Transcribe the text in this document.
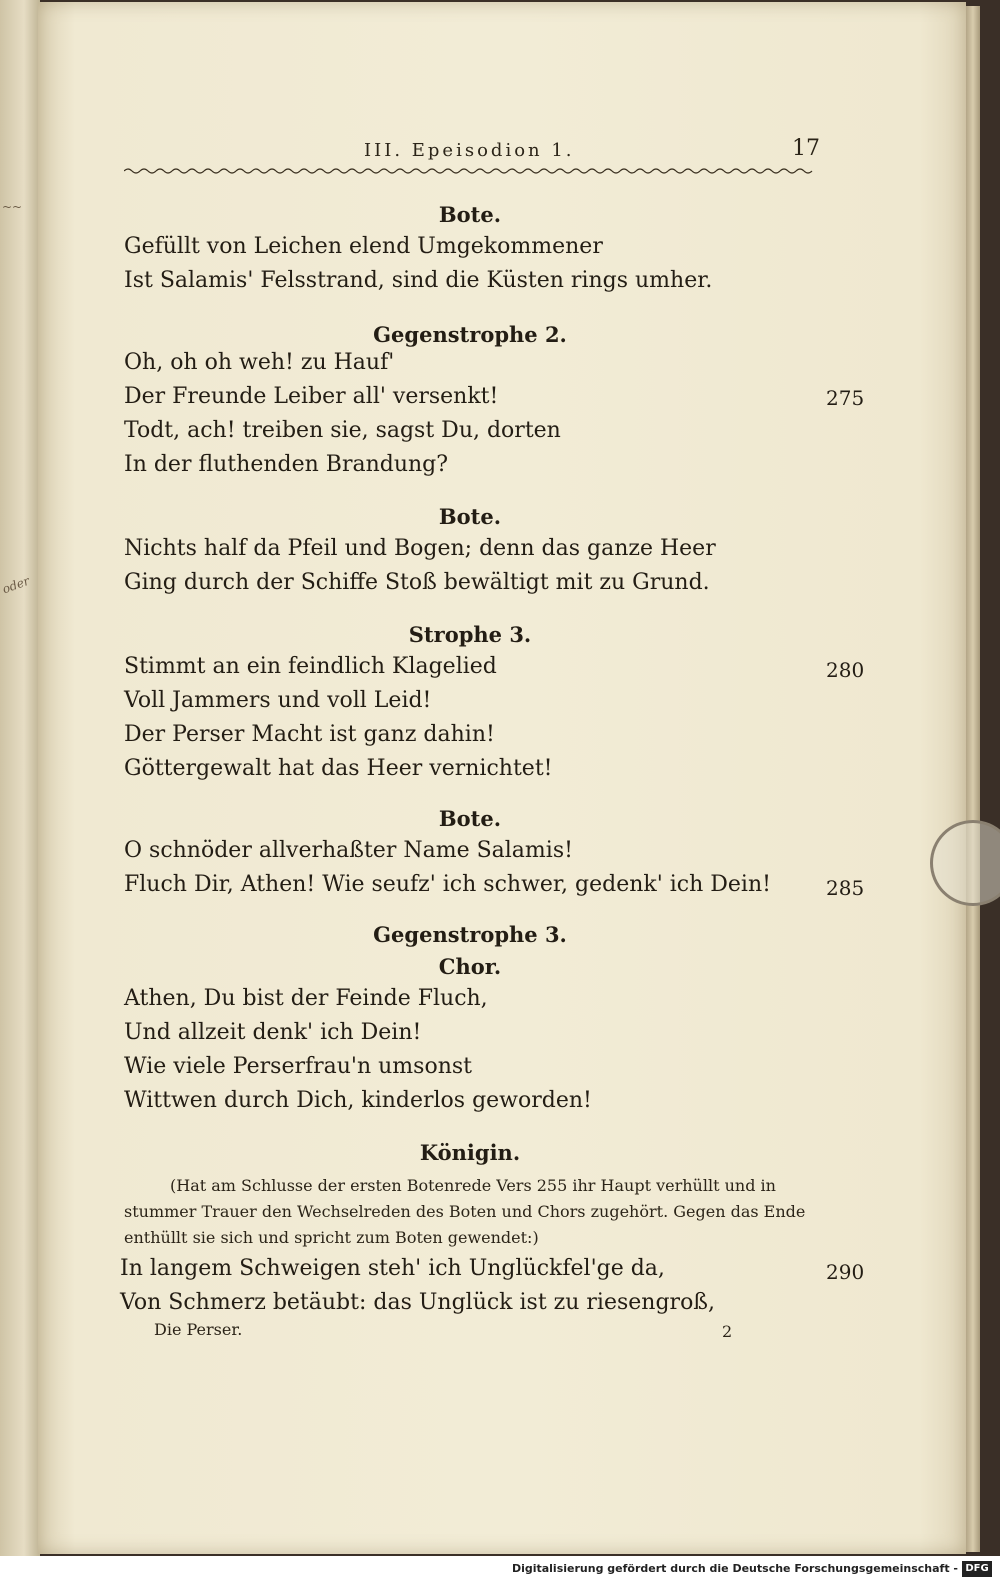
~~
oder
III. Epeisodion 1.	17
Bote.
Gefüllt von Leichen elend Umgekommener
Ist Salamis' Felsstrand, sind die Küsten rings umher.
Gegenstrophe 2.
Oh, oh oh weh! zu Hauf'
Der Freunde Leiber all' versenkt!	275
Todt, ach! treiben sie, sagst Du, dorten
In der fluthenden Brandung?
Bote.
Nichts half da Pfeil und Bogen; denn das ganze Heer
Ging durch der Schiffe Stoß bewältigt mit zu Grund.
Strophe 3.
Stimmt an ein feindlich Klagelied	280
Voll Jammers und voll Leid!
Der Perser Macht ist ganz dahin!
Göttergewalt hat das Heer vernichtet!
Bote.
O schnöder allverhaßter Name Salamis!
Fluch Dir, Athen! Wie seufz' ich schwer, gedenk' ich Dein!	285
Gegenstrophe 3.
Chor.
Athen, Du bist der Feinde Fluch,
Und allzeit denk' ich Dein!
Wie viele Perserfrau'n umsonst
Wittwen durch Dich, kinderlos geworden!
Königin.
(Hat am Schlusse der ersten Botenrede Vers 255 ihr Haupt verhüllt und in
stummer Trauer den Wechselreden des Boten und Chors zugehört. Gegen das Ende
enthüllt sie sich und spricht zum Boten gewendet:)
In langem Schweigen steh' ich Unglückfel'ge da,	290
Von Schmerz betäubt: das Unglück ist zu riesengroß,
Die Perser.	2
Digitalisierung gefördert durch die Deutsche Forschungsgemeinschaft - DFG
